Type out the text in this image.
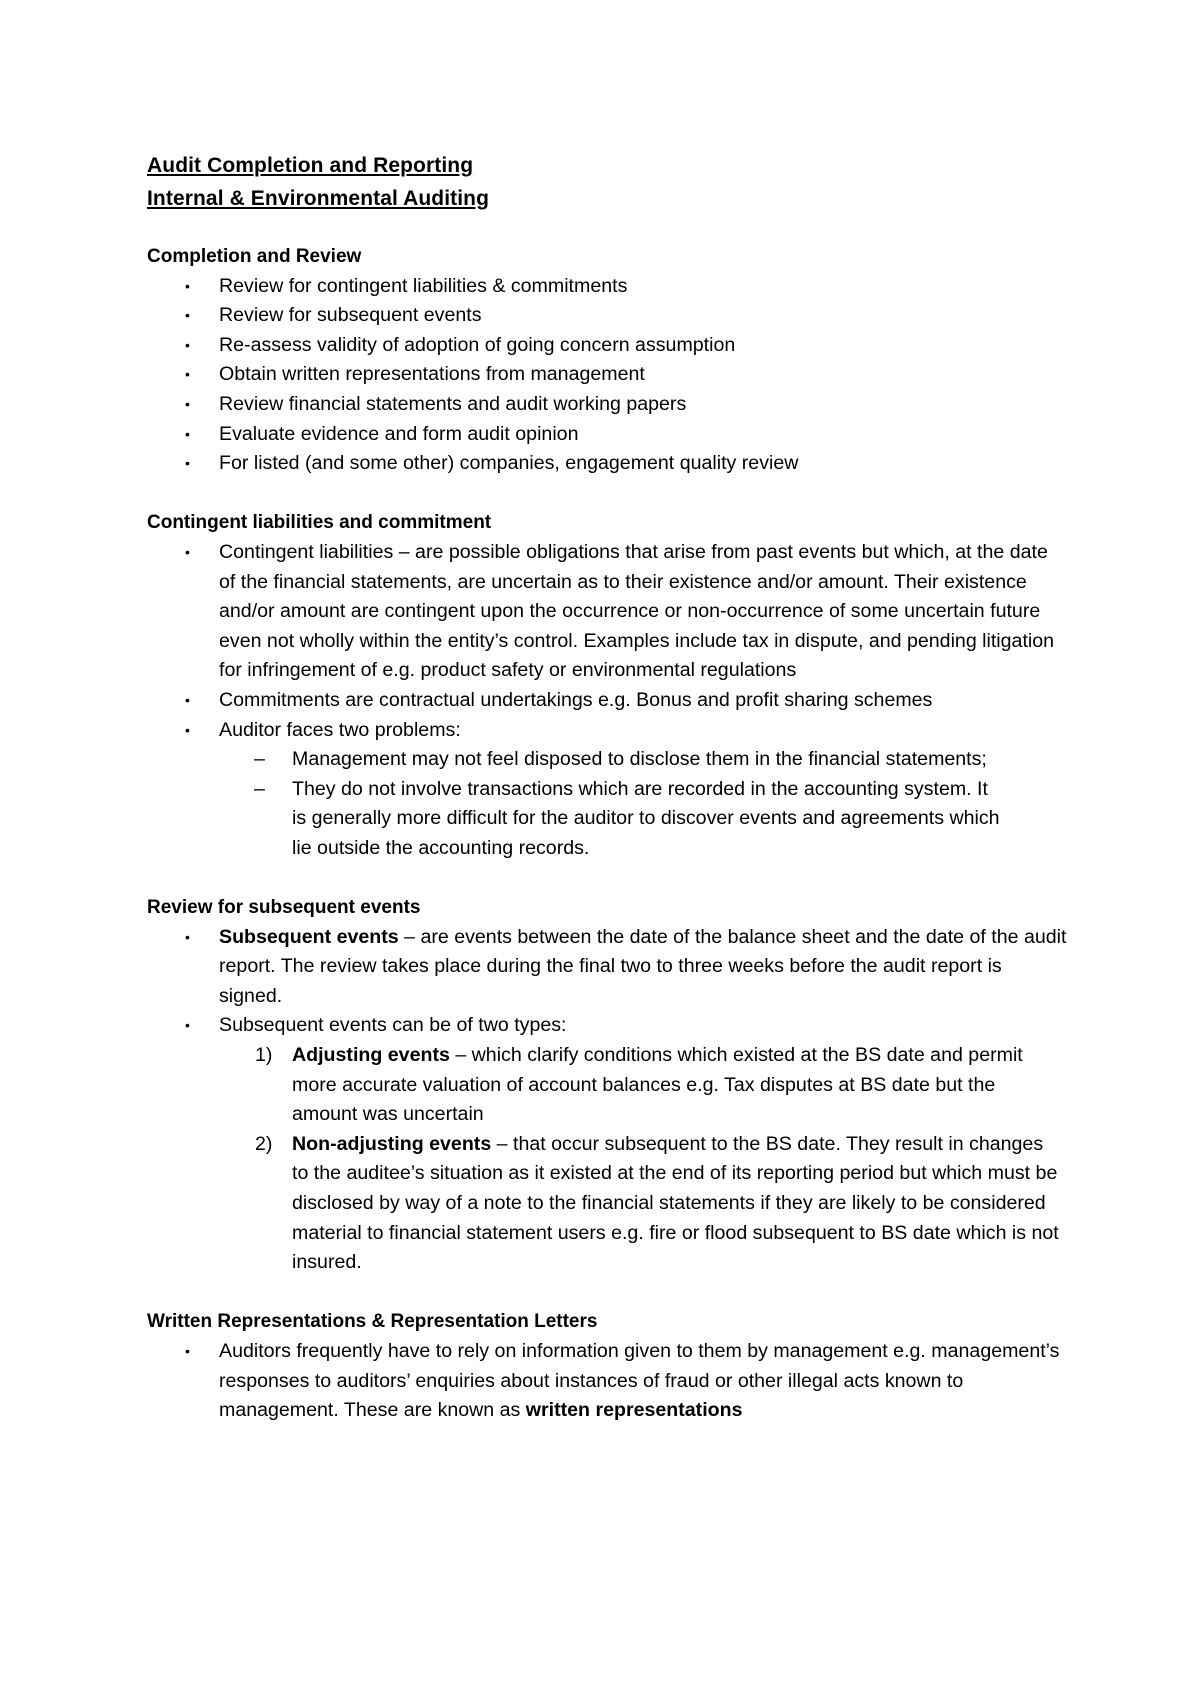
Audit Completion and Reporting

Internal & Environmental Auditing

Completion and Review

• Review for contingent liabilities & commitments
• Review for subsequent events
• Re-assess validity of adoption of going concern assumption
• Obtain written representations from management
• Review financial statements and audit working papers
• Evaluate evidence and form audit opinion
• For listed (and some other) companies, engagement quality review

Contingent liabilities and commitment

• Contingent liabilities – are possible obligations that arise from past events but which, at the date of the financial statements, are uncertain as to their existence and/or amount. Their existence and/or amount are contingent upon the occurrence or non-occurrence of some uncertain future even not wholly within the entity’s control. Examples include tax in dispute, and pending litigation for infringement of e.g. product safety or environmental regulations
• Commitments are contractual undertakings e.g. Bonus and profit sharing schemes
• Auditor faces two problems:
– Management may not feel disposed to disclose them in the financial statements;
– They do not involve transactions which are recorded in the accounting system. It is generally more difficult for the auditor to discover events and agreements which lie outside the accounting records.

Review for subsequent events

• Subsequent events – are events between the date of the balance sheet and the date of the audit report. The review takes place during the final two to three weeks before the audit report is signed.
• Subsequent events can be of two types:
1) Adjusting events – which clarify conditions which existed at the BS date and permit more accurate valuation of account balances e.g. Tax disputes at BS date but the amount was uncertain
2) Non-adjusting events – that occur subsequent to the BS date. They result in changes to the auditee’s situation as it existed at the end of its reporting period but which must be disclosed by way of a note to the financial statements if they are likely to be considered material to financial statement users e.g. fire or flood subsequent to BS date which is not insured.

Written Representations & Representation Letters

• Auditors frequently have to rely on information given to them by management e.g. management’s responses to auditors’ enquiries about instances of fraud or other illegal acts known to management. These are known as written representations
